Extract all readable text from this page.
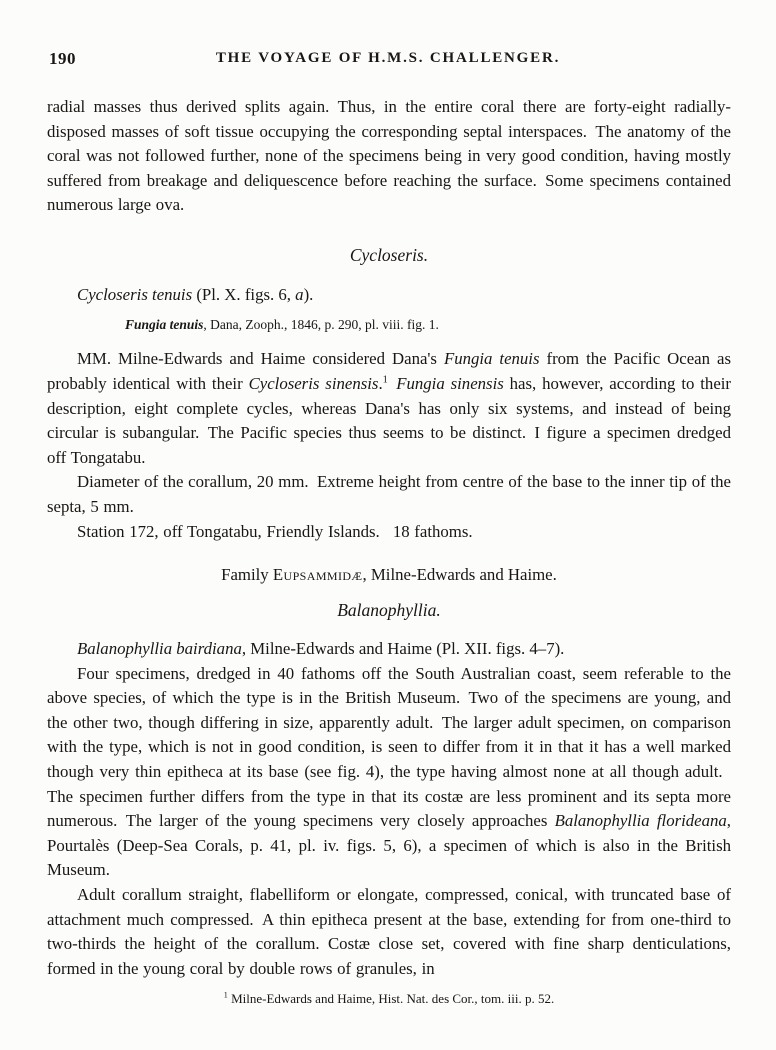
190	THE VOYAGE OF H.M.S. CHALLENGER.

radial masses thus derived splits again. Thus, in the entire coral there are forty-eight radially-disposed masses of soft tissue occupying the corresponding septal interspaces. The anatomy of the coral was not followed further, none of the specimens being in very good condition, having mostly suffered from breakage and deliquescence before reaching the surface. Some specimens contained numerous large ova.

Cycloseris.

Cycloseris tenuis (Pl. X. figs. 6, a).

Fungia tenuis, Dana, Zooph., 1846, p. 290, pl. viii. fig. 1.

MM. Milne-Edwards and Haime considered Dana's Fungia tenuis from the Pacific Ocean as probably identical with their Cycloseris sinensis.$^1$  Fungia sinensis has, however, according to their description, eight complete cycles, whereas Dana's has only six systems, and instead of being circular is subangular. The Pacific species thus seems to be distinct. I figure a specimen dredged off Tongatabu.

Diameter of the corallum, 20 mm. Extreme height from centre of the base to the inner tip of the septa, 5 mm.

Station 172, off Tongatabu, Friendly Islands.  18 fathoms.

Family Eupsammidæ, Milne-Edwards and Haime.
Balanophyllia.

Balanophyllia bairdiana, Milne-Edwards and Haime (Pl. XII. figs. 4–7).

Four specimens, dredged in 40 fathoms off the South Australian coast, seem referable to the above species, of which the type is in the British Museum. Two of the specimens are young, and the other two, though differing in size, apparently adult. The larger adult specimen, on comparison with the type, which is not in good condition, is seen to differ from it in that it has a well marked though very thin epitheca at its base (see fig. 4), the type having almost none at all though adult. The specimen further differs from the type in that its costæ are less prominent and its septa more numerous. The larger of the young specimens very closely approaches Balanophyllia florideana, Pourtalès (Deep-Sea Corals, p. 41, pl. iv. figs. 5, 6), a specimen of which is also in the British Museum.

Adult corallum straight, flabelliform or elongate, compressed, conical, with truncated base of attachment much compressed. A thin epitheca present at the base, extending for from one-third to two-thirds the height of the corallum. Costæ close set, covered with fine sharp denticulations, formed in the young coral by double rows of granules, in

$^1$ Milne-Edwards and Haime, Hist. Nat. des Cor., tom. iii. p. 52.
